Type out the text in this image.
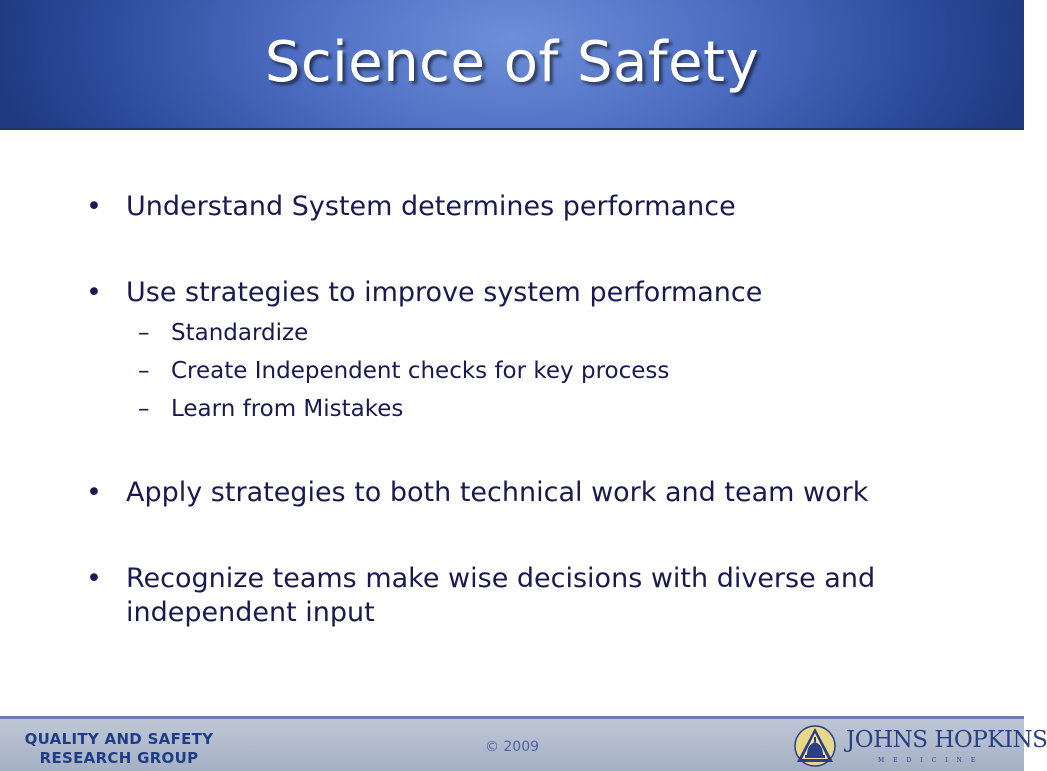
Science of Safety
• Understand System determines performance
• Use strategies to improve system performance
– Standardize
– Create Independent checks for key process
– Learn from Mistakes
• Apply strategies to both technical work and team work
• Recognize teams make wise decisions with diverse and independent input
QUALITY AND SAFETY
RESEARCH GROUP
© 2009	JOHNS HOPKINS
MEDICINE
